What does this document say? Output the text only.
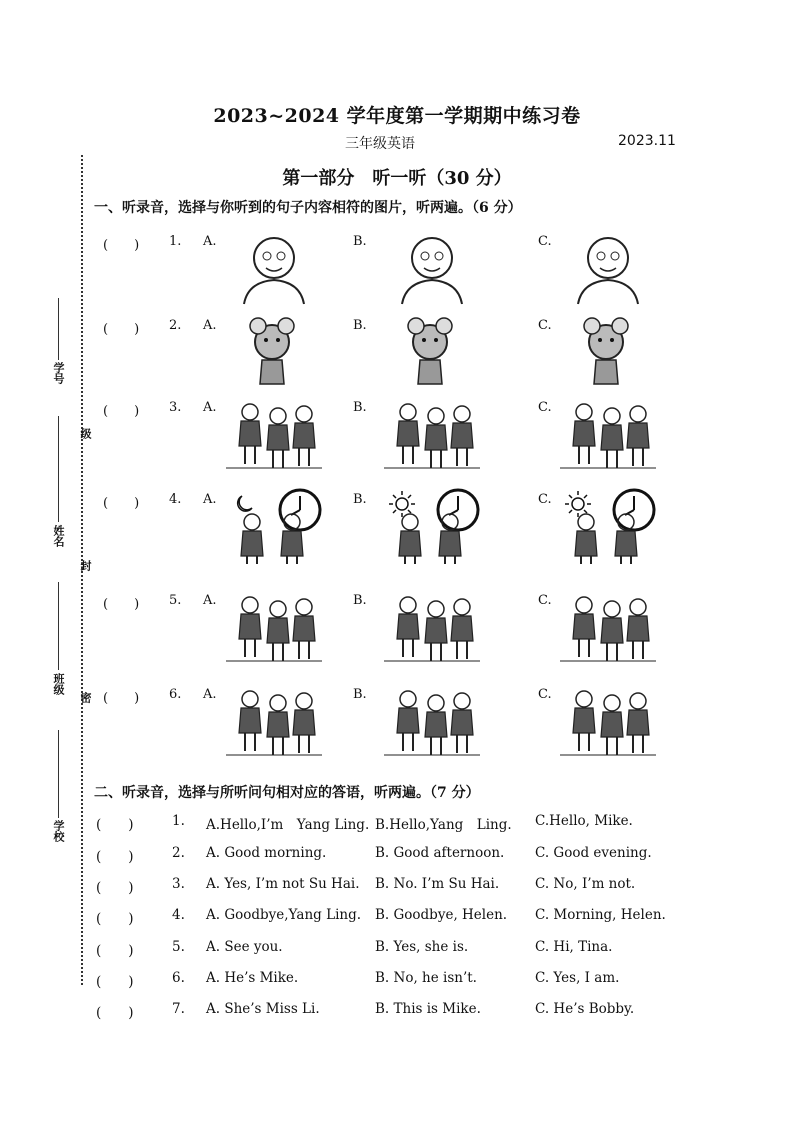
2023~2024 学年度第一学期期中练习卷
三年级英语	2023.11
第一部分　听一听（30 分）
学号
级
姓名
封
班级
密
学校
一、听录音，选择与你听到的句子内容相符的图片，听两遍。（6 分）
(　　) 1. A.	B.	C.
(　　) 2. A.	B.	C.
(　　) 3. A.	B.	C.
(　　) 4. A.	B.	C.
(　　) 5. A.	B.	C.
(　　) 6. A.	B.	C.
二、听录音，选择与所听问句相对应的答语，听两遍。（7 分）
(　　)	1. A.Hello,I’m　Yang Ling. B.Hello,Yang　Ling. C.Hello, Mike.
(　　)	2. A. Good morning.	B. Good afternoon. C. Good evening.
(　　)	3. A. Yes, I’m not Su Hai. B. No. I’m Su Hai.	C. No, I’m not.
(　　)	4. A. Goodbye,Yang Ling. B. Goodbye, Helen. C. Morning, Helen.
(　　)	5. A. See you.	B. Yes, she is.	C. Hi, Tina.
(　　)	6. A. He’s Mike.	B. No, he isn’t.	C. Yes, I am.
(　　)	7. A. She’s Miss Li.	B. This is Mike.	C. He’s Bobby.
